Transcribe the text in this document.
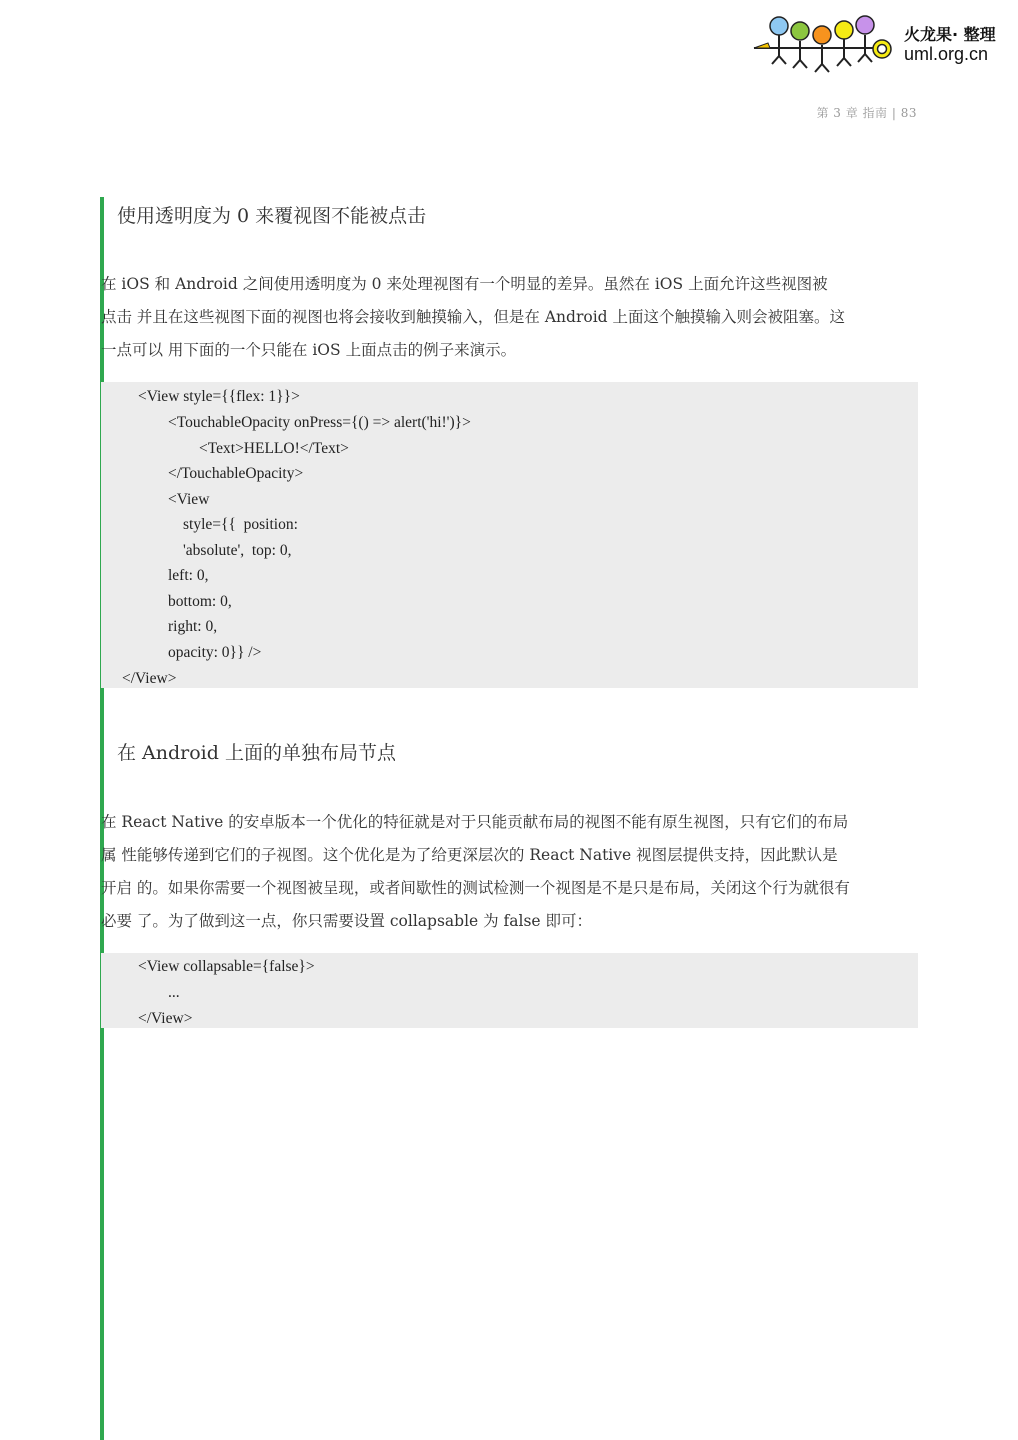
火龙果· 整理
uml.org.cn
第 3 章 指南 | 83
使用透明度为 0 来覆视图不能被点击
在 iOS 和 Android 之间使用透明度为 0 来处理视图有一个明显的差异。虽然在 iOS 上面允许这些视图被
点击 并且在这些视图下面的视图也将会接收到触摸输入，但是在 Android 上面这个触摸输入则会被阻塞。这
一点可以 用下面的一个只能在 iOS 上面点击的例子来演示。
<View style={{flex: 1}}>
<TouchableOpacity onPress={() => alert('hi!')}>
<Text>HELLO!</Text>
</TouchableOpacity>
<View
style={{  position:
'absolute',  top: 0,
left: 0,
bottom: 0,
right: 0,
opacity: 0}} />
</View>
在 Android 上面的单独布局节点
在 React Native 的安卓版本一个优化的特征就是对于只能贡献布局的视图不能有原生视图，只有它们的布局
属 性能够传递到它们的子视图。这个优化是为了给更深层次的 React Native 视图层提供支持，因此默认是
开启 的。如果你需要一个视图被呈现，或者间歇性的测试检测一个视图是不是只是布局，关闭这个行为就很有
必要 了。为了做到这一点，你只需要设置 collapsable 为 false 即可：
<View collapsable={false}>
...
</View>
